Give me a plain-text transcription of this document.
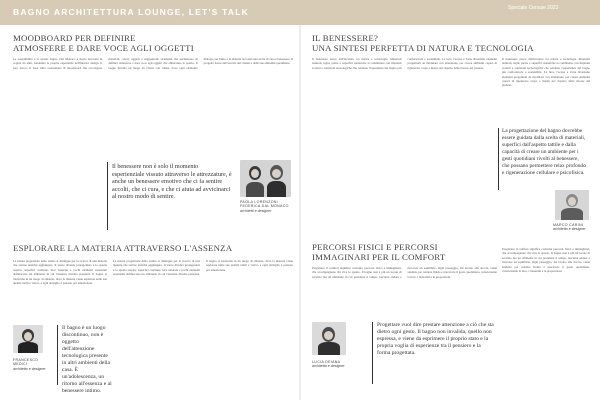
BAGNO ARCHITETTURA LOUNGE, LET'S TALK	Speciale Cersaie 2023
MOODBOARD PER DEFINIRE
ATMOSFERE E DARE VOCE AGLI OGGETTI

La sostenibilità e lo spazio bagno. Dal Monaco e Peola lavorano in coppia da anni, fondendo le proprie esperienze nell'interior design. Il loro lavoro si basa sulla costruzione di moodboard che raccolgono materiali, colori, oggetti e suggestioni: strumenti che permettono di definire atmosfere e dare voce agli oggetti che abiteranno lo spazio. Il bagno diventa un luogo da vivere con calma, dove ogni elemento dialoga con l'altro e la materia racconta una storia di cura e benessere. Il progetto nasce dall'ascolto del cliente e delle sue abitudini quotidiane.

Il benessere non è solo il momento esperienziale vissuto attraverso le attrezzature, è anche un benessere emotivo che ci fa sentire accolti, che ci cura, e che ci aiuta ad avvicinarci al nostro modo di sentire.
PAOLA LORENZONI FEDERICA DAL MONACO
architetti e designer
ESPLORARE LA MATERIA ATTRAVERSO L'ASSENZA

La natura progettuale dello studio si distingue per la ricerca di una materia che sottrae anziché aggiungere. Il vuoto diventa protagonista e lo spazio respira: superfici continue, luce naturale e pochi elementi essenziali definiscono un ambiente in cui l'assenza diventa presenza. Il bagno si trasforma in un luogo di silenzio, dove la materia viene esplorata nelle sue qualità tattili e visive, e ogni dettaglio è pensato per emozionare.

La natura progettuale dello studio si distingue per la ricerca di una materia che sottrae anziché aggiungere. Il vuoto diventa protagonista e lo spazio respira: superfici continue, luce naturale e pochi elementi essenziali definiscono un ambiente in cui l'assenza diventa presenza. Il bagno si trasforma in un luogo di silenzio, dove la materia viene esplorata nelle sue qualità tattili e visive, e ogni dettaglio è pensato per emozionare.

FRANCESCO MEDICI
architetto e designer
Il bagno è un luogo discontinuo, non è oggetto dell'attenzione tecnologica presente in altri ambienti della casa. È un'adolescenza, un ritorno all'essenza e al benessere intimo.
IL BENESSERE?
UNA SINTESI PERFETTA DI NATURA E TECNOLOGIA

Il benessere nasce dall'incontro tra natura e tecnologia. Materiali naturali, legni, pietre e superfici materiche si combinano con impianti evoluti e soluzioni tecnologiche che rendono l'esperienza del bagno più confortevole e sostenibile. La luce, l'acqua e l'aria diventano elementi progettuali da modulare con attenzione, per creare ambienti capaci di rigenerare corpo e mente nel rispetto delle risorse del pianeta.

Il benessere nasce dall'incontro tra natura e tecnologia. Materiali naturali, legni, pietre e superfici materiche si combinano con impianti evoluti e soluzioni tecnologiche che rendono l'esperienza del bagno più confortevole e sostenibile. La luce, l'acqua e l'aria diventano elementi progettuali da modulare con attenzione, per creare ambienti capaci di rigenerare corpo e mente nel rispetto delle risorse del pianeta.

La progettazione del bagno dovrebbe essere guidata dalla scelta di materiali, superfici dall'aspetto tattile e dalla capacità di creare un ambiente per i gesti quotidiani rivolti al benessere, che possano permettere relax profondo e rigenerazione cellulare e psicofisica.
MARCO CARINI
architetto e designer
PERCORSI FISICI E PERCORSI
IMMAGINARI PER IL COMFORT

Progettare il comfort significa costruire percorsi, fisici e immaginari, che accompagnano chi vive lo spazio. Il bagno non è più un locale di servizio ma un ambiente in cui prendersi il tempo, lasciarsi andare e ritrovare un equilibrio. Ogni passaggio, dal lavabo alla doccia, viene studiato per rendere fluido e piacevole il gesto quotidiano, valorizzando la luce, i materiali e le proporzioni.

Progettare il comfort significa costruire percorsi, fisici e immaginari, che accompagnano chi vive lo spazio. Il bagno non è più un locale di servizio ma un ambiente in cui prendersi il tempo, lasciarsi andare e ritrovare un equilibrio. Ogni passaggio, dal lavabo alla doccia, viene studiato per rendere fluido e piacevole il gesto quotidiano, valorizzando la luce, i materiali e le proporzioni.

LUCIA DEIANA
architetta e designer
Progettare vuol dire prestare attenzione a ciò che sta dietro ogni gesto. Il bagno non invalida, quello non espressa, e viene da esprimere il proprio stato e la propria voglia di esperienze tra il pensiero e la forma progettata.
